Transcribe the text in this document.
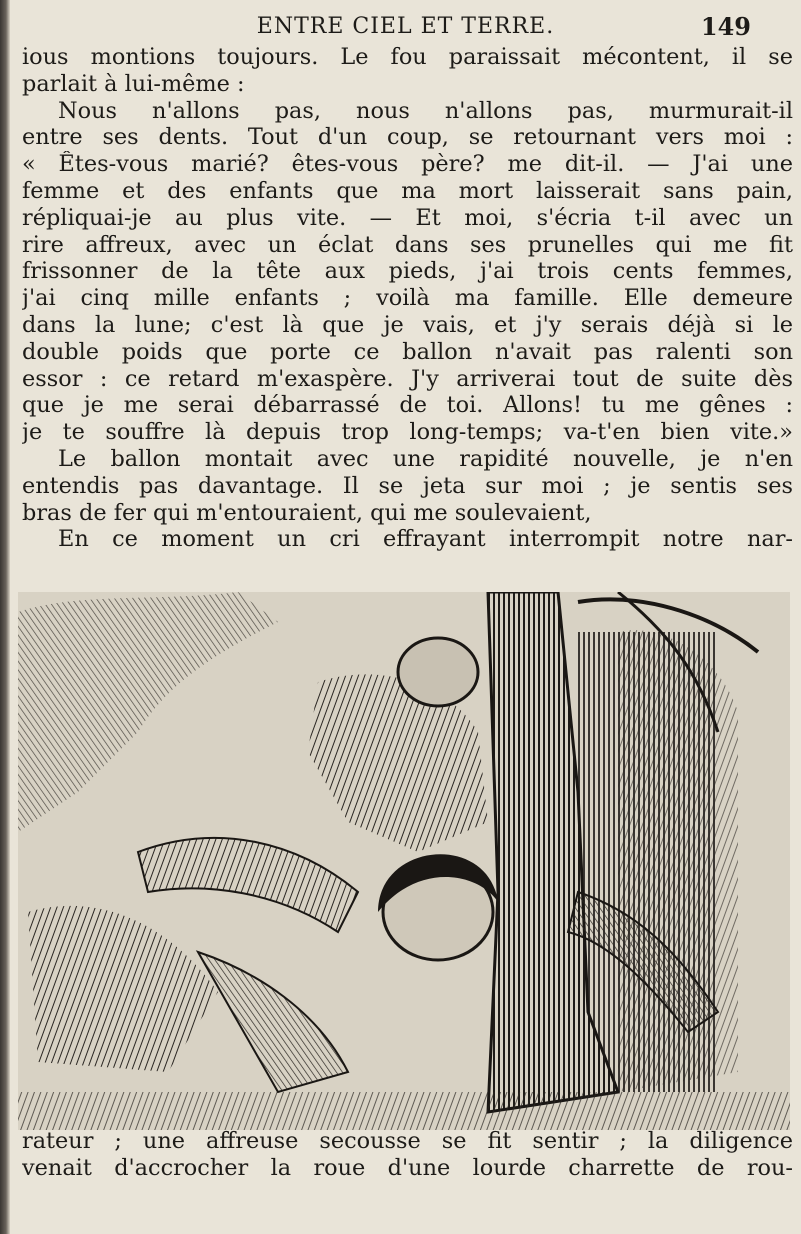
ENTRE CIEL ET TERRE.	149
ious montions toujours. Le fou paraissait mécontent, il se
parlait à lui-même :
Nous n'allons pas, nous n'allons pas, murmurait-il
entre ses dents. Tout d'un coup, se retournant vers moi :
« Êtes-vous marié? êtes-vous père? me dit-il. — J'ai une
femme et des enfants que ma mort laisserait sans pain,
répliquai-je au plus vite. — Et moi, s'écria t-il avec un
rire affreux, avec un éclat dans ses prunelles qui me fit
frissonner de la tête aux pieds, j'ai trois cents femmes,
j'ai cinq mille enfants ; voilà ma famille. Elle demeure
dans la lune; c'est là que je vais, et j'y serais déjà si le
double poids que porte ce ballon n'avait pas ralenti son
essor : ce retard m'exaspère. J'y arriverai tout de suite dès
que je me serai débarrassé de toi. Allons! tu me gênes :
je te souffre là depuis trop long-temps; va-t'en bien vite.»
Le ballon montait avec une rapidité nouvelle, je n'en
entendis pas davantage. Il se jeta sur moi ; je sentis ses
bras de fer qui m'entouraient, qui me soulevaient,
En ce moment un cri effrayant interrompit notre nar-
rateur ; une affreuse secousse se fit sentir ; la diligence
venait d'accrocher la roue d'une lourde charrette de rou-
